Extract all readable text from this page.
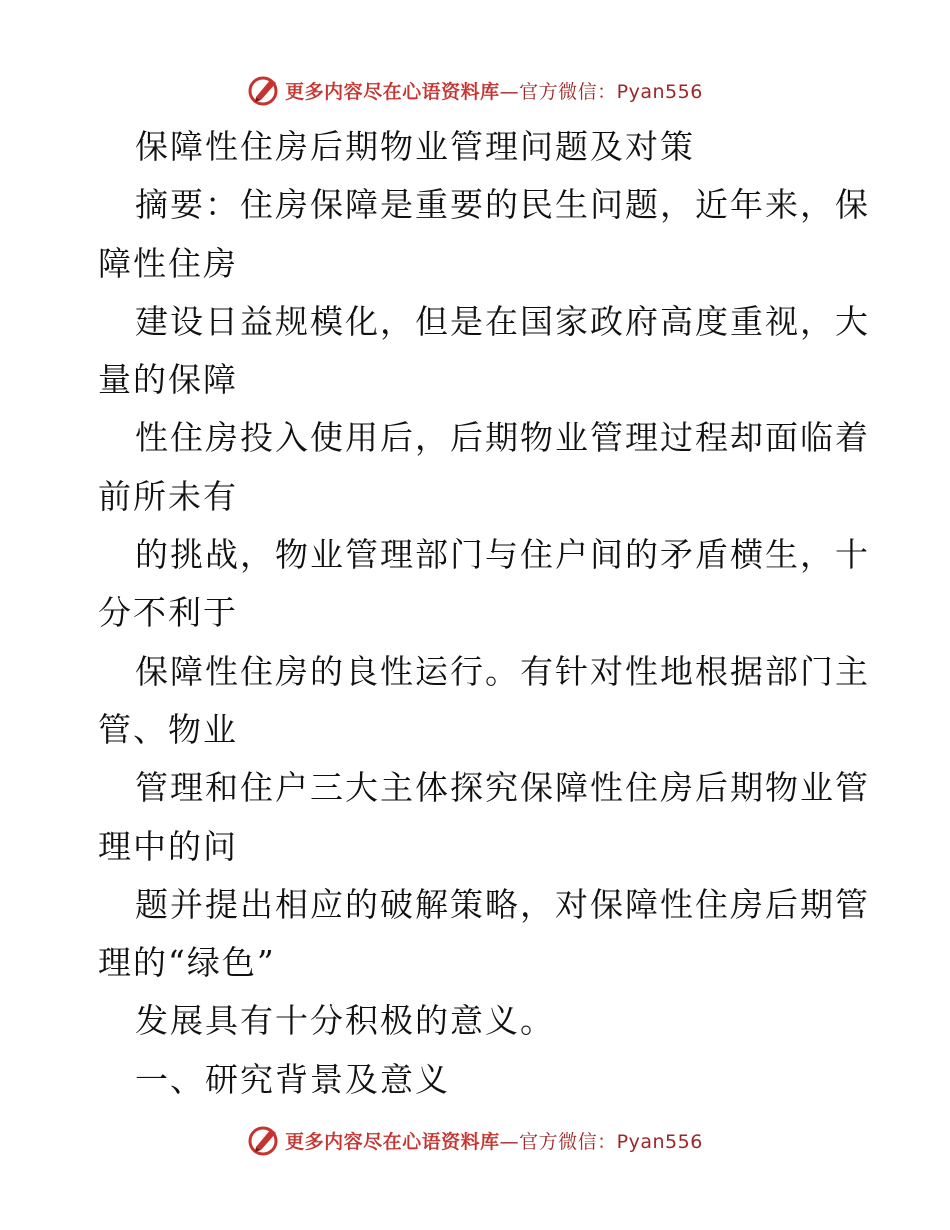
更多内容尽在心语资料库—官方微信：Pyan556
保障性住房后期物业管理问题及对策
摘要：住房保障是重要的民生问题，近年来，保
障性住房
建设日益规模化，但是在国家政府高度重视，大
量的保障
性住房投入使用后，后期物业管理过程却面临着
前所未有
的挑战，物业管理部门与住户间的矛盾横生，十
分不利于
保障性住房的良性运行。有针对性地根据部门主
管、物业
管理和住户三大主体探究保障性住房后期物业管
理中的问
题并提出相应的破解策略，对保障性住房后期管
理的“绿色”
发展具有十分积极的意义。
一、研究背景及意义
更多内容尽在心语资料库—官方微信：Pyan556
